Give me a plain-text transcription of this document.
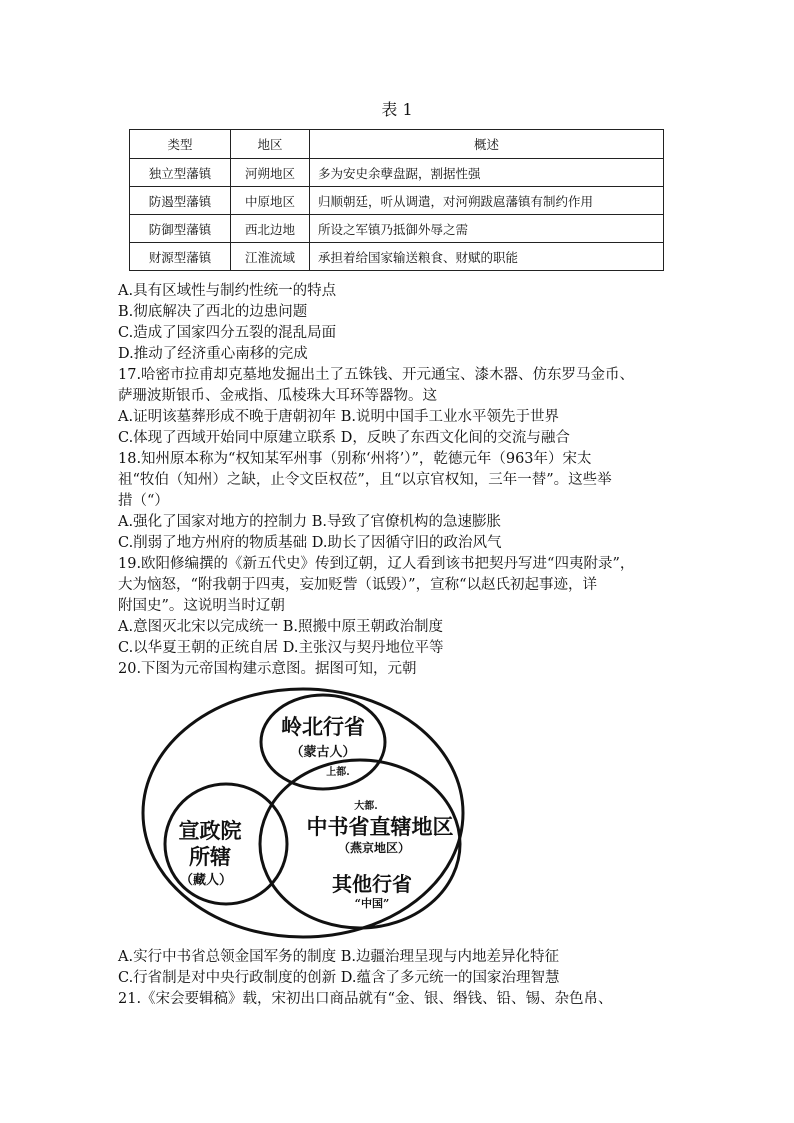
表 1
类型	地区	概述
独立型藩镇	河朔地区	多为安史余孽盘踞，割据性强
防遏型藩镇	中原地区	归顺朝廷，听从调遣，对河朔跋扈藩镇有制约作用
防御型藩镇	西北边地	所设之军镇乃抵御外辱之需
财源型藩镇	江淮流域	承担着给国家输送粮食、财赋的职能
A.具有区域性与制约性统一的特点
B.彻底解决了西北的边患问题
C.造成了国家四分五裂的混乱局面
D.推动了经济重心南移的完成
17.哈密市拉甫却克墓地发掘出土了五铢钱、开元通宝、漆木器、仿东罗马金币、
萨珊波斯银币、金戒指、瓜棱珠大耳环等器物。这
A.证明该墓葬形成不晚于唐朝初年 B.说明中国手工业水平领先于世界
C.体现了西域开始同中原建立联系 D，反映了东西文化间的交流与融合
18.知州原本称为“权知某军州事（别称‘州将’）”，乾德元年（963年）宋太
祖“牧伯（知州）之缺，止令文臣权莅”，且“以京官权知，三年一替”。这些举
措（“）
A.强化了国家对地方的控制力 B.导致了官僚机构的急速膨胀
C.削弱了地方州府的物质基础 D.助长了因循守旧的政治风气
19.欧阳修编撰的《新五代史》传到辽朝，辽人看到该书把契丹写进“四夷附录”，
大为恼怒，“附我朝于四夷，妄加贬訾（诋毁）”，宣称“以赵氏初起事迹，详
附国史”。这说明当时辽朝
A.意图灭北宋以完成统一 B.照搬中原王朝政治制度
C.以华夏王朝的正统自居 D.主张汉与契丹地位平等
20.下图为元帝国构建示意图。据图可知，元朝
岭北行省
（蒙古人）
上都.
大都.
中书省直辖地区
（燕京地区）
其他行省
“中国”
宣政院
所辖
（藏人）
A.实行中书省总领金国军务的制度 B.边疆治理呈现与内地差异化特征
C.行省制是对中央行政制度的创新 D.蕴含了多元统一的国家治理智慧
21.《宋会要辑稿》载，宋初出口商品就有“金、银、缗钱、铅、锡、杂色帛、
